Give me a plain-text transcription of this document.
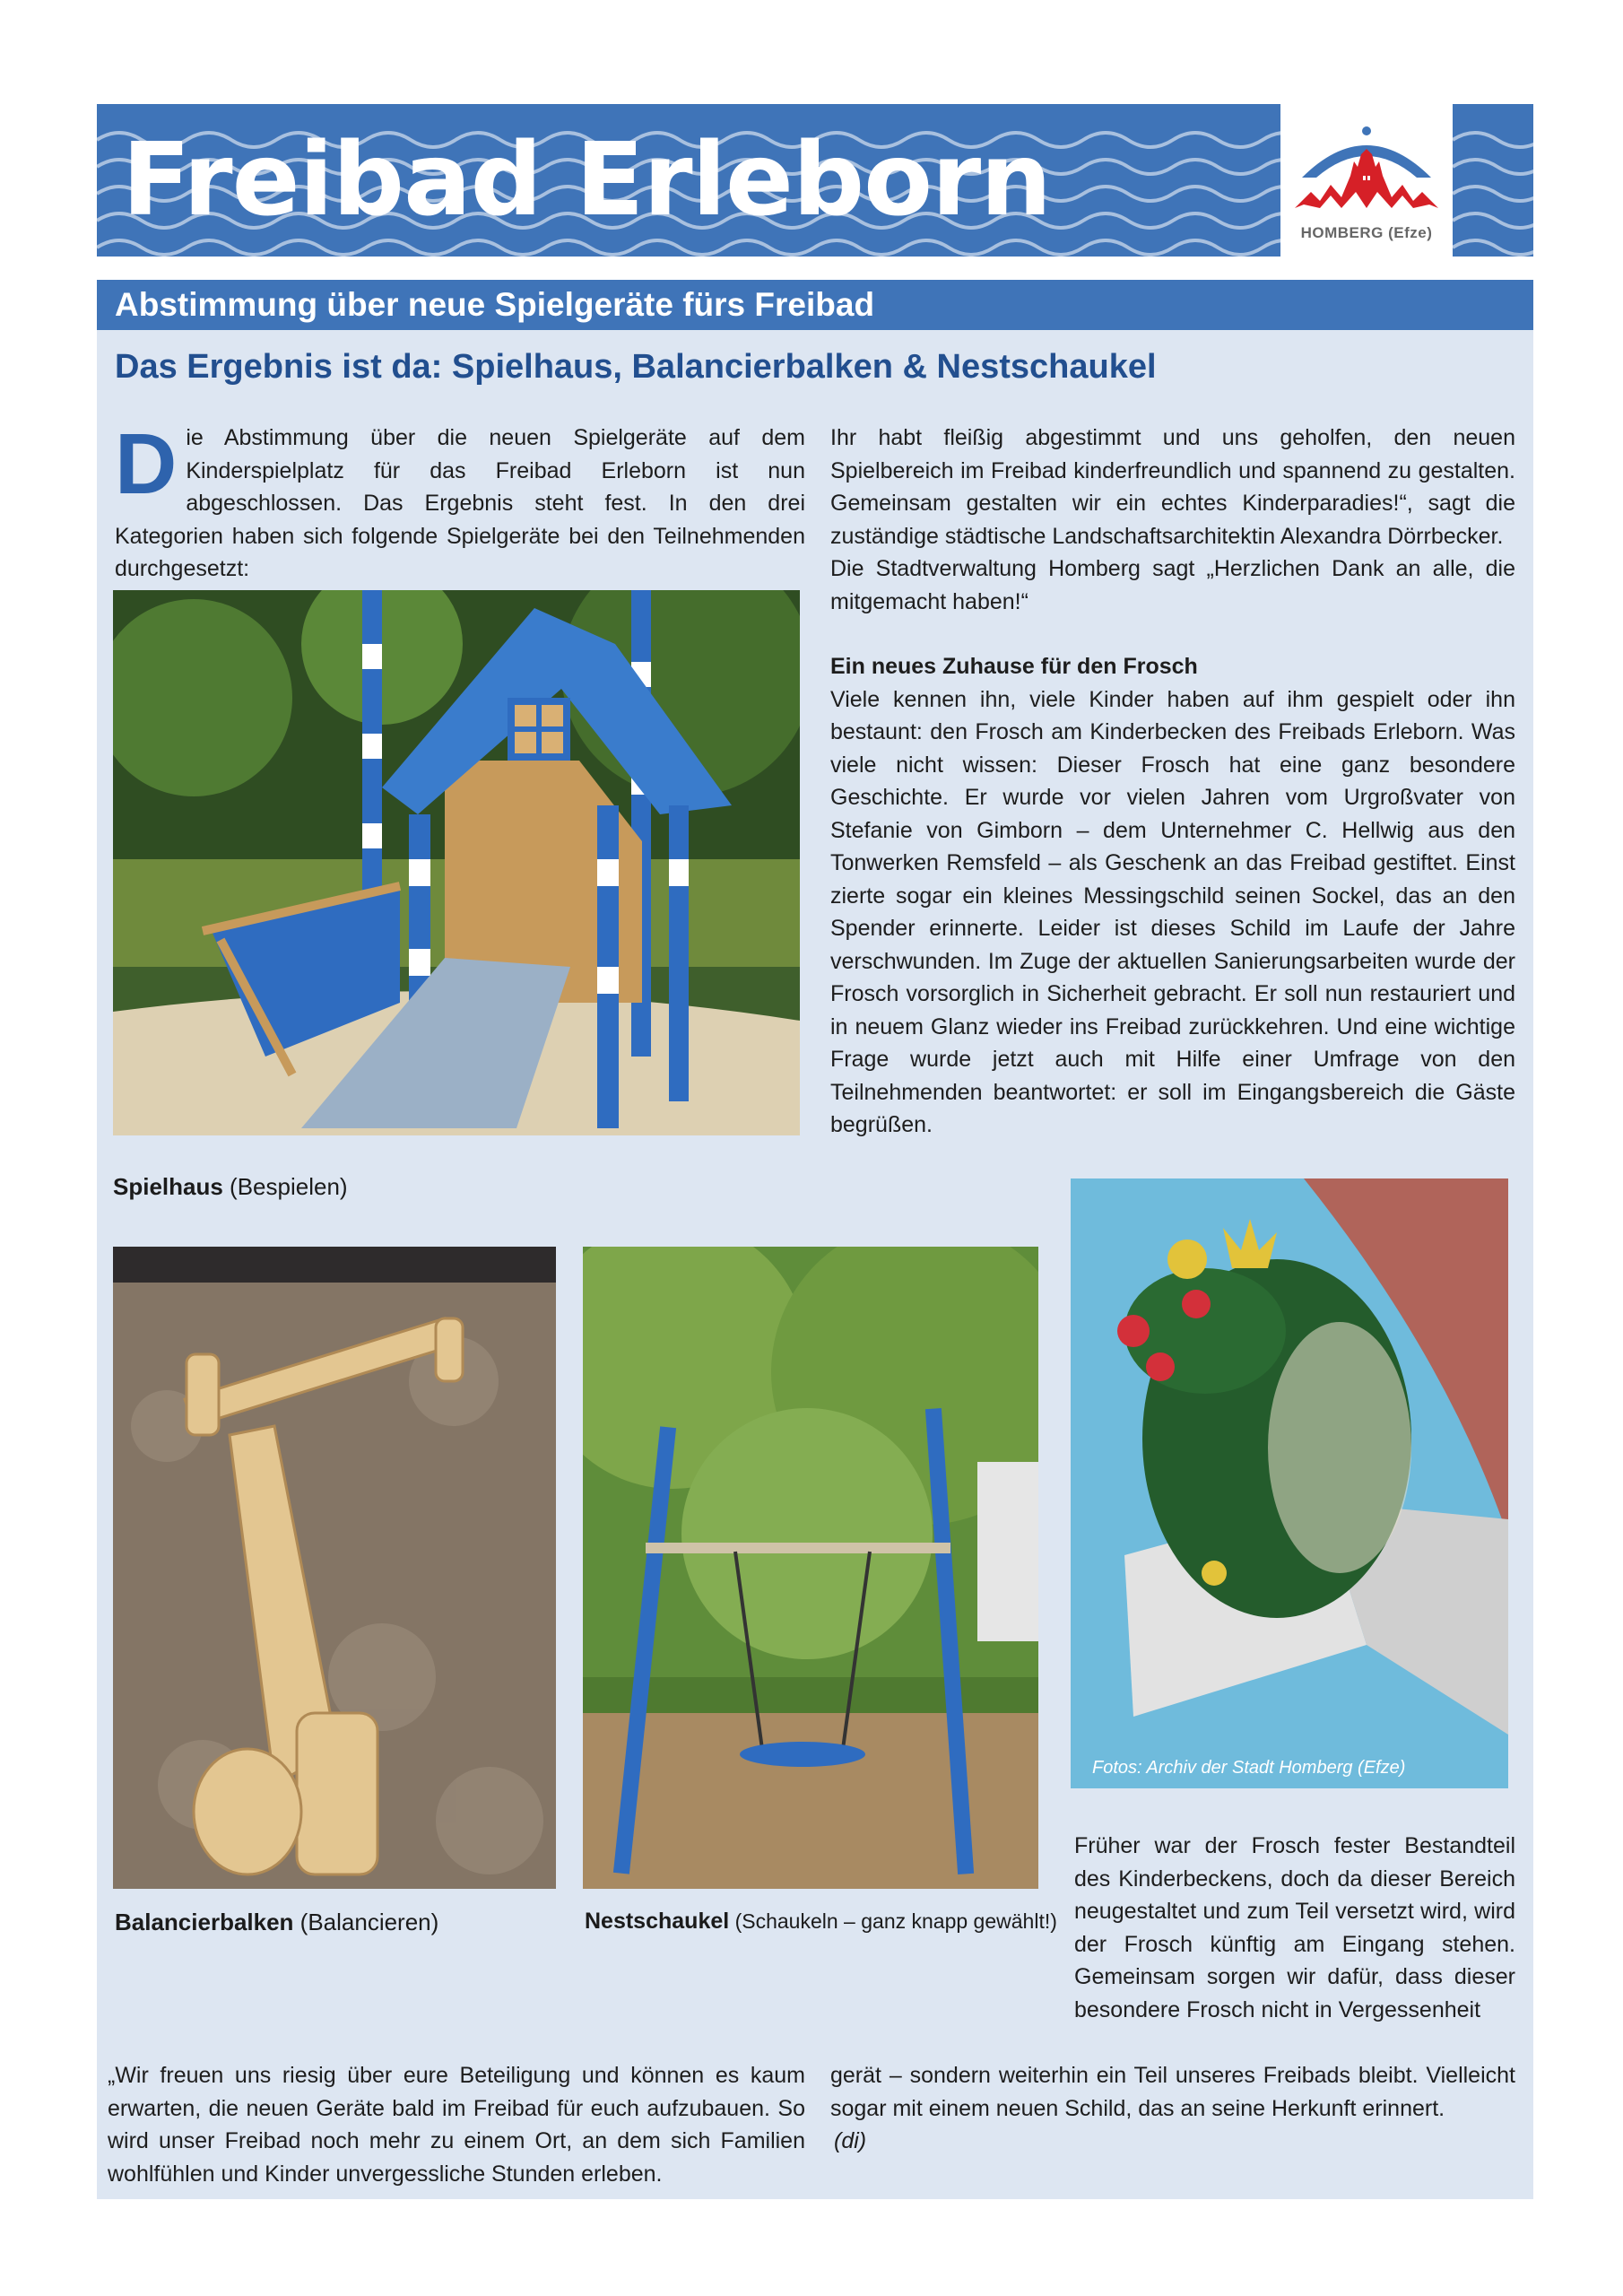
Freibad Erleborn	HOMBERG (Efze)
Abstimmung über neue Spielgeräte fürs Freibad
Das Ergebnis ist da: Spielhaus, Balancierbalken & Nestschaukel
Die Abstimmung über die neuen Spielgeräte auf dem Kinderspielplatz für das Freibad Erleborn ist nun abgeschlossen. Das Ergebnis steht fest. In den drei Kategorien haben sich folgende Spielgeräte bei den Teilnehmenden durchgesetzt:
Spielhaus (Bespielen)

Ihr habt fleißig abgestimmt und uns geholfen, den neuen Spielbereich im Freibad kinderfreundlich und spannend zu gestalten. Gemeinsam gestalten wir ein echtes Kinderparadies!“, sagt die zuständige städtische Landschaftsarchitektin Alexandra Dörrbecker.

Die Stadtverwaltung Homberg sagt „Herzlichen Dank an alle, die mitgemacht haben!“

Ein neues Zuhause für den Frosch

Viele kennen ihn, viele Kinder haben auf ihm gespielt oder ihn bestaunt: den Frosch am Kinderbecken des Freibads Erleborn. Was viele nicht wissen: Dieser Frosch hat eine ganz besondere Geschichte. Er wurde vor vielen Jahren vom Urgroßvater von Stefanie von Gimborn – dem Unternehmer C. Hellwig aus den Tonwerken Remsfeld – als Geschenk an das Freibad gestiftet. Einst zierte sogar ein kleines Messingschild seinen Sockel, das an den Spender erinnerte. Leider ist dieses Schild im Laufe der Jahre verschwunden. Im Zuge der aktuellen Sanierungsarbeiten wurde der Frosch vorsorglich in Sicherheit gebracht. Er soll nun restauriert und in neuem Glanz wieder ins Freibad zurückkehren. Und eine wichtige Frage wurde jetzt auch mit Hilfe einer Umfrage von den Teilnehmenden beantwortet: er soll im Eingangsbereich die Gäste begrüßen.

Balancierbalken (Balancieren)	Nestschaukel (Schaukeln – ganz knapp gewählt!)
Fotos: Archiv der Stadt Homberg (Efze)
Früher war der Frosch fester Bestandteil des Kinderbeckens, doch da dieser Bereich neugestaltet und zum Teil versetzt wird, wird der Frosch künftig am Eingang stehen. Gemeinsam sorgen wir dafür, dass dieser besondere Frosch nicht in Vergessenheit
„Wir freuen uns riesig über eure Beteiligung und können es kaum erwarten, die neuen Geräte bald im Freibad für euch aufzubauen. So wird unser Freibad noch mehr zu einem Ort, an dem sich Familien wohlfühlen und Kinder unvergessliche Stunden erleben.
gerät – sondern weiterhin ein Teil unseres Freibads bleibt. Vielleicht sogar mit einem neuen Schild, das an seine Herkunft erinnert.
(di)
